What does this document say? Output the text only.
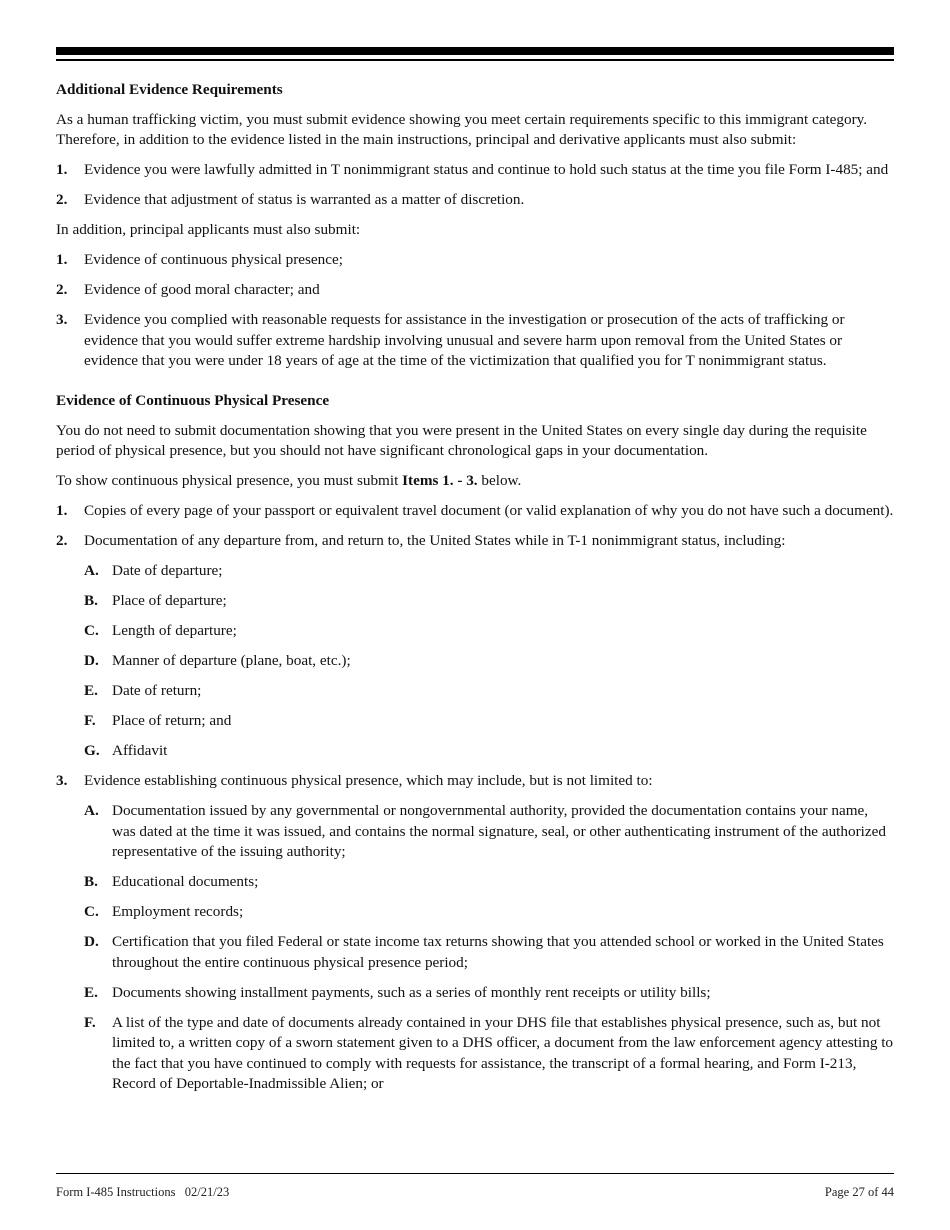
Additional Evidence Requirements
As a human trafficking victim, you must submit evidence showing you meet certain requirements specific to this immigrant category. Therefore, in addition to the evidence listed in the main instructions, principal and derivative applicants must also submit:
1.	Evidence you were lawfully admitted in T nonimmigrant status and continue to hold such status at the time you file Form I-485; and
2.	Evidence that adjustment of status is warranted as a matter of discretion.
In addition, principal applicants must also submit:
1.	Evidence of continuous physical presence;
2.	Evidence of good moral character; and
3.	Evidence you complied with reasonable requests for assistance in the investigation or prosecution of the acts of trafficking or evidence that you would suffer extreme hardship involving unusual and severe harm upon removal from the United States or evidence that you were under 18 years of age at the time of the victimization that qualified you for T nonimmigrant status.
Evidence of Continuous Physical Presence
You do not need to submit documentation showing that you were present in the United States on every single day during the requisite period of physical presence, but you should not have significant chronological gaps in your documentation.
To show continuous physical presence, you must submit Items 1. - 3. below.
1.	Copies of every page of your passport or equivalent travel document (or valid explanation of why you do not have such a document).
2.	Documentation of any departure from, and return to, the United States while in T-1 nonimmigrant status, including:
A. Date of departure;
B. Place of departure;
C. Length of departure;
D. Manner of departure (plane, boat, etc.);
E. Date of return;
F.	Place of return; and
G. Affidavit
3.	Evidence establishing continuous physical presence, which may include, but is not limited to:
A. Documentation issued by any governmental or nongovernmental authority, provided the documentation contains your name, was dated at the time it was issued, and contains the normal signature, seal, or other authenticating instrument of the authorized representative of the issuing authority;
B. Educational documents;
C. Employment records;
D. Certification that you filed Federal or state income tax returns showing that you attended school or worked in the United States throughout the entire continuous physical presence period;
E. Documents showing installment payments, such as a series of monthly rent receipts or utility bills;
F.	A list of the type and date of documents already contained in your DHS file that establishes physical presence, such as, but not limited to, a written copy of a sworn statement given to a DHS officer, a document from the law enforcement agency attesting to the fact that you have continued to comply with requests for assistance, the transcript of a formal hearing, and Form I-213, Record of Deportable-Inadmissible Alien; or
Form I-485 Instructions   02/21/23	Page 27 of 44
